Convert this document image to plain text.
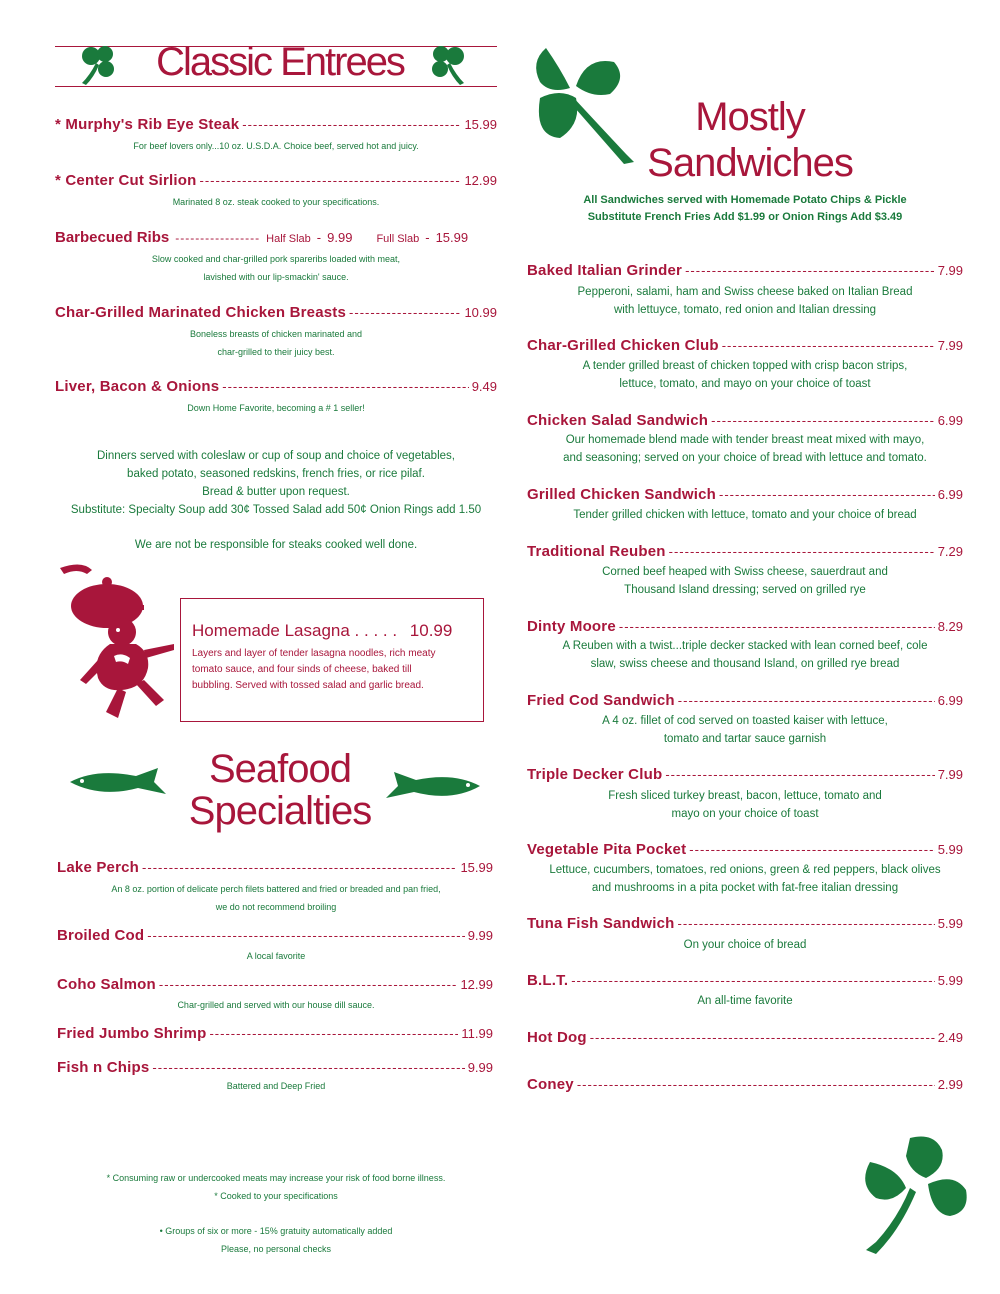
Classic Entrees
* Murphy's Rib Eye Steak -----	15.99
For beef lovers only...10 oz. U.S.D.A. Choice beef, served hot and juicy.
* Center Cut Sirlion -----	12.99
Marinated 8 oz. steak cooked to your specifications.
Barbecued Ribs ----------------- Half Slab - 9.99 Full Slab - 15.99
Slow cooked and char-grilled pork spareribs loaded with meat,
lavished with our lip-smackin' sauce.
Char-Grilled Marinated Chicken Breasts -----	10.99
Boneless breasts of chicken marinated and
char-grilled to their juicy best.
Liver, Bacon & Onions -----	9.49
Down Home Favorite, becoming a # 1 seller!
Dinners served with coleslaw or cup of soup and choice of vegetables,
baked potato, seasoned redskins, french fries, or rice pilaf.
Bread & butter upon request.
Substitute: Specialty Soup add 30¢ Tossed Salad add 50¢ Onion Rings add 1.50
We are not be responsible for steaks cooked well done.
Homemade Lasagna . . . . . 10.99
Layers and layer of tender lasagna noodles, rich meaty
tomato sauce, and four sinds of cheese, baked till
bubbling. Served with tossed salad and garlic bread.
Seafood
Specialties
Lake Perch -----	15.99
An 8 oz. portion of delicate perch filets battered and fried or breaded and pan fried,
we do not recommend broiling
Broiled Cod -----	9.99
A local favorite
Coho Salmon -----	12.99
Char-grilled and served with our house dill sauce.
Fried Jumbo Shrimp -----	11.99
Fish n Chips -----	9.99
Battered and Deep Fried
* Consuming raw or undercooked meats may increase your risk of food borne illness.
* Cooked to your specifications
• Groups of six or more - 15% gratuity automatically added
Please, no personal checks
Mostly
Sandwiches
All Sandwiches served with Homemade Potato Chips & Pickle
Substitute French Fries Add $1.99 or Onion Rings Add $3.49
Baked Italian Grinder -----	7.99
Pepperoni, salami, ham and Swiss cheese baked on Italian Bread
with lettuyce, tomato, red onion and Italian dressing
Char-Grilled Chicken Club -----	7.99
A tender grilled breast of chicken topped with crisp bacon strips,
lettuce, tomato, and mayo on your choice of toast
Chicken Salad Sandwich -----	6.99
Our homemade blend made with tender breast meat mixed with mayo,
and seasoning; served on your choice of bread with lettuce and tomato.
Grilled Chicken Sandwich -----	6.99
Tender grilled chicken with lettuce, tomato and your choice of bread
Traditional Reuben -----	7.29
Corned beef heaped with Swiss cheese, sauerdraut and
Thousand Island dressing; served on grilled rye
Dinty Moore -----	8.29
A Reuben with a twist...triple decker stacked with lean corned beef, cole
slaw, swiss cheese and thousand Island, on grilled rye bread
Fried Cod Sandwich -----	6.99
A 4 oz. fillet of cod served on toasted kaiser with lettuce,
tomato and tartar sauce garnish
Triple Decker Club -----	7.99
Fresh sliced turkey breast, bacon, lettuce, tomato and
mayo on your choice of toast
Vegetable Pita Pocket -----	5.99
Lettuce, cucumbers, tomatoes, red onions, green & red peppers, black olives
and mushrooms in a pita pocket with fat-free italian dressing
Tuna Fish Sandwich -----	5.99
On your choice of bread
B.L.T. -----	5.99
An all-time favorite
Hot Dog -----	2.49
Coney -----	2.99
